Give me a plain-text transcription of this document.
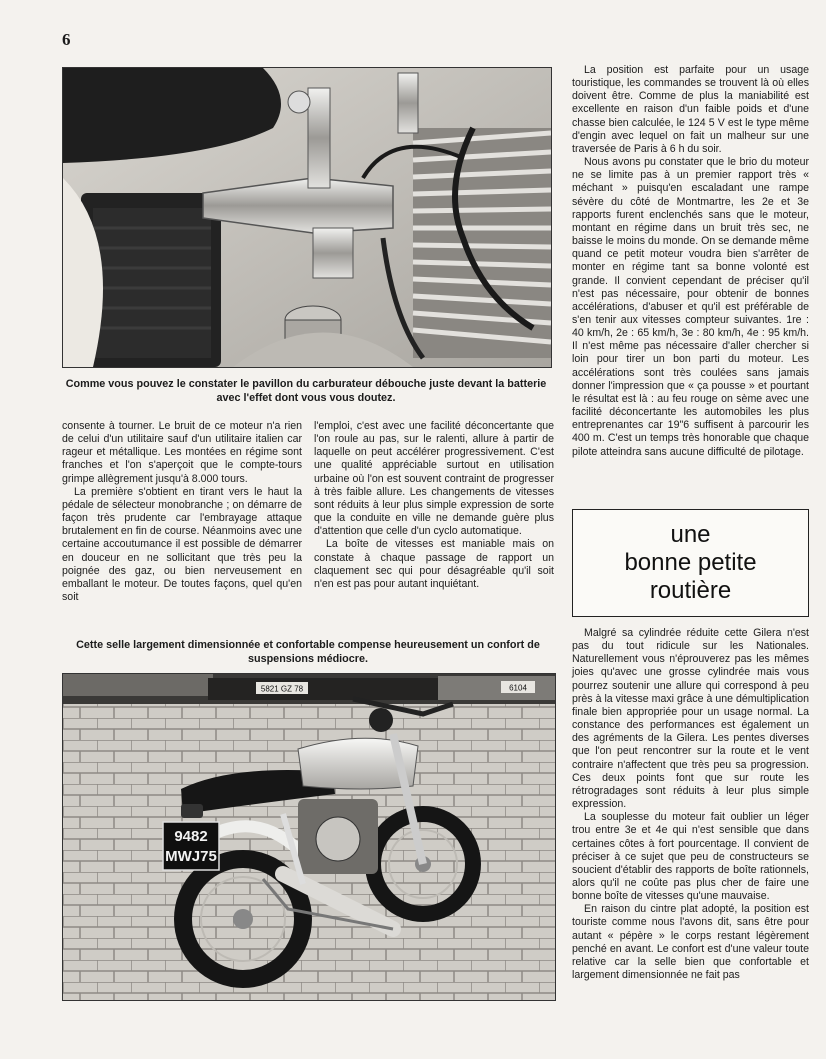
6

Comme vous pouvez le constater le pavillon du carburateur débouche juste devant la batterie avec l'effet dont vous vous doutez.

consente à tourner. Le bruit de ce moteur n'a rien de celui d'un utilitaire sauf d'un utilitaire italien car rageur et métallique. Les montées en régime sont franches et l'on s'aperçoit que le compte-tours grimpe allègrement jusqu'à 8.000 tours.

La première s'obtient en tirant vers le haut la pédale de sélecteur monobranche ; on démarre de façon très prudente car l'embrayage attaque brutalement en fin de course. Néanmoins avec une certaine accoutumance il est possible de démarrer en douceur en ne sollicitant que très peu la poignée des gaz, ou bien nerveusement en emballant le moteur. De toutes façons, quel qu'en soit

l'emploi, c'est avec une facilité déconcertante que l'on roule au pas, sur le ralenti, allure à partir de laquelle on peut accélérer progressivement. C'est une qualité appréciable surtout en utilisation urbaine où l'on est souvent contraint de progresser à très faible allure. Les changements de vitesses sont réduits à leur plus simple expression de sorte que la conduite en ville ne demande guère plus d'attention que celle d'un cyclo automatique.

La boîte de vitesses est maniable mais on constate à chaque passage de rapport un claquement sec qui pour désagréable qu'il soit n'en est pas pour autant inquiétant.

La position est parfaite pour un usage touristique, les commandes se trouvent là où elles doivent être. Comme de plus la maniabilité est excellente en raison d'un faible poids et d'une chasse bien calculée, le 124 5 V est le type même d'engin avec lequel on fait un malheur sur une traversée de Paris à 6 h du soir.

Nous avons pu constater que le brio du moteur ne se limite pas à un premier rapport très « méchant » puisqu'en escaladant une rampe sévère du côté de Montmartre, les 2e et 3e rapports furent enclenchés sans que le moteur, montant en régime dans un bruit très sec, ne baisse le moins du monde. On se demande même quand ce petit moteur voudra bien s'arrêter de monter en régime tant sa bonne volonté est grande. Il convient cependant de préciser qu'il n'est pas nécessaire, pour obtenir de bonnes accélérations, d'abuser et qu'il est préférable de s'en tenir aux vitesses compteur suivantes. 1re : 40 km/h, 2e : 65 km/h, 3e : 80 km/h, 4e : 95 km/h. Il n'est même pas nécessaire d'aller chercher si loin pour tirer un bon parti du moteur. Les accélérations sont très coulées sans jamais donner l'impression que « ça pousse » et pourtant le résultat est là : au feu rouge on sème avec une facilité déconcertante les automobiles les plus entreprenantes car 19"6 suffisent à parcourir les 400 m. C'est un temps très honorable que chaque pilote atteindra sans aucune difficulté de pilotage.

une
bonne petite
routière

Malgré sa cylindrée réduite cette Gilera n'est pas du tout ridicule sur les Nationales. Naturellement vous n'éprouverez pas les mêmes joies qu'avec une grosse cylindrée mais vous pourrez soutenir une allure qui correspond à peu près à la vitesse maxi grâce à une démultiplication finale bien appropriée pour un usage normal. La constance des performances est également un des agréments de la Gilera. Les pentes diverses que l'on peut rencontrer sur la route et le vent contraire n'affectent que très peu sa progression. Ces deux points font que sur route les rétrogradages sont réduits à leur plus simple expression.

La souplesse du moteur fait oublier un léger trou entre 3e et 4e qui n'est sensible que dans certaines côtes à fort pourcentage. Il convient de préciser à ce sujet que peu de constructeurs se soucient d'établir des rapports de boîte rationnels, alors qu'il ne coûte pas plus cher de faire une bonne boîte de vitesses qu'une mauvaise.

En raison du cintre plat adopté, la position est touriste comme nous l'avons dit, sans être pour autant « pépère » le corps restant légèrement penché en avant. Le confort est d'une valeur toute relative car la selle bien que confortable et largement dimensionnée ne fait pas

Cette selle largement dimensionnée et confortable compense heureusement un confort de suspensions médiocre.

5821 GZ 78	6104
9482
MWJ75
